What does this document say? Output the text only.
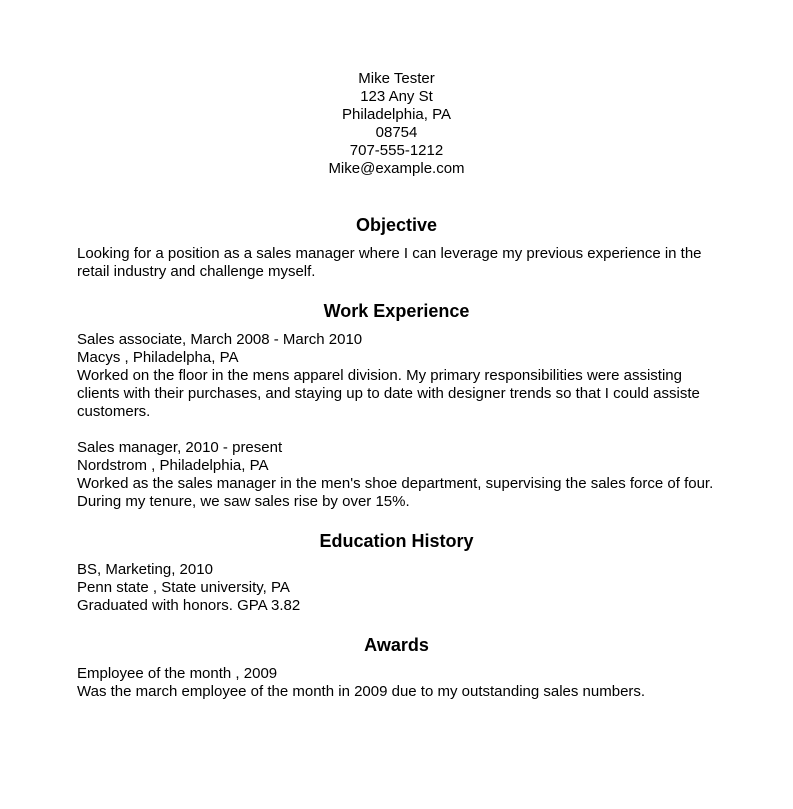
Mike Tester
123 Any St
Philadelphia, PA
08754
707-555-1212
Mike@example.com
Objective

Looking for a position as a sales manager where I can leverage my previous experience in the retail industry and challenge myself.

Work Experience

Sales associate, March 2008 - March 2010
Macys , Philadelpha, PA
Worked on the floor in the mens apparel division. My primary responsibilities were assisting clients with their purchases, and staying up to date with designer trends so that I could assiste customers.

Sales manager, 2010 - present
Nordstrom , Philadelphia, PA
Worked as the sales manager in the men's shoe department, supervising the sales force of four. During my tenure, we saw sales rise by over 15%.

Education History

BS, Marketing, 2010
Penn state , State university, PA
Graduated with honors. GPA 3.82

Awards

Employee of the month , 2009
Was the march employee of the month in 2009 due to my outstanding sales numbers.
